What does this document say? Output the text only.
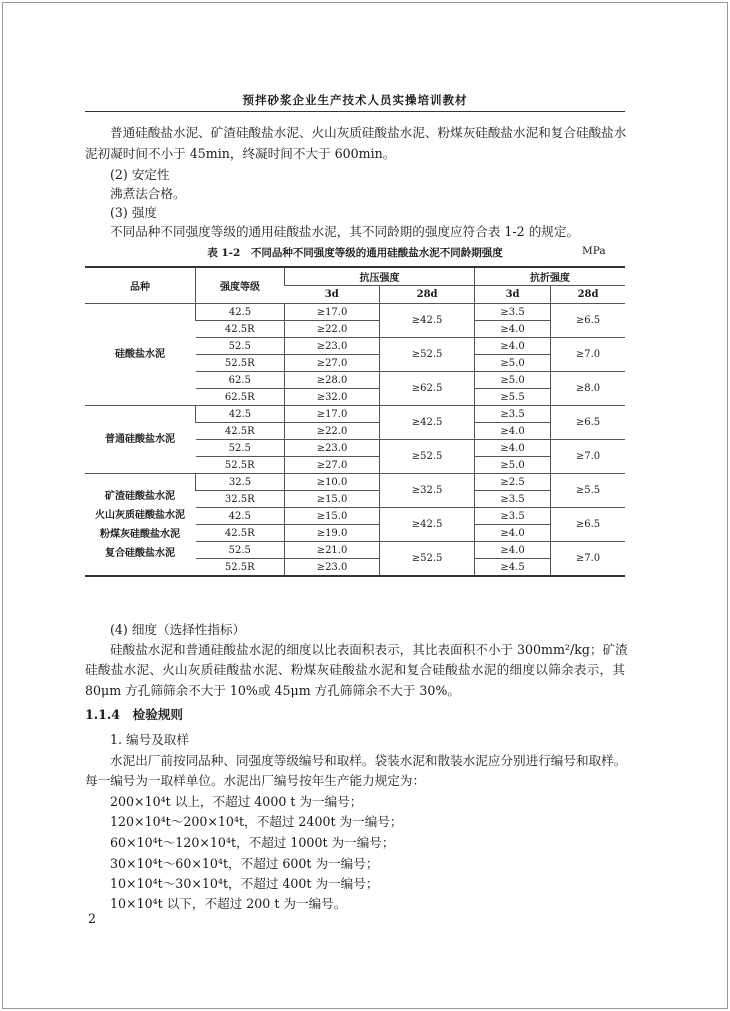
预拌砂浆企业生产技术人员实操培训教材
普通硅酸盐水泥、矿渣硅酸盐水泥、火山灰质硅酸盐水泥、粉煤灰硅酸盐水泥和复合硅酸盐水
泥初凝时间不小于 45min，终凝时间不大于 600min。
(2) 安定性
沸煮法合格。
(3) 强度
不同品种不同强度等级的通用硅酸盐水泥，其不同龄期的强度应符合表 1-2 的规定。
表 1-2　不同品种不同强度等级的通用硅酸盐水泥不同龄期强度	MPa
品种	强度等级	抗压强度		抗折强度	
		3d	28d	3d	28d

硅酸盐水泥	42.5	≥17.0	≥42.5	≥3.5	≥6.5
	42.5R	≥22.0		≥4.0	
	52.5	≥23.0	≥52.5	≥4.0	≥7.0
	52.5R	≥27.0		≥5.0	
	62.5	≥28.0	≥62.5	≥5.0	≥8.0
	62.5R	≥32.0		≥5.5	

普通硅酸盐水泥	42.5	≥17.0	≥42.5	≥3.5	≥6.5
	42.5R	≥22.0		≥4.0	
	52.5	≥23.0	≥52.5	≥4.0	≥7.0
	52.5R	≥27.0		≥5.0	

矿渣硅酸盐水泥
火山灰质硅酸盐水泥
粉煤灰硅酸盐水泥
复合硅酸盐水泥	32.5	≥10.0	≥32.5	≥2.5	≥5.5
	32.5R	≥15.0		≥3.5	
	42.5	≥15.0	≥42.5	≥3.5	≥6.5
	42.5R	≥19.0		≥4.0	
	52.5	≥21.0	≥52.5	≥4.0	≥7.0
	52.5R	≥23.0		≥4.5	
(4) 细度（选择性指标）
硅酸盐水泥和普通硅酸盐水泥的细度以比表面积表示，其比表面积不小于 300mm²/kg；矿渣
硅酸盐水泥、火山灰质硅酸盐水泥、粉煤灰硅酸盐水泥和复合硅酸盐水泥的细度以筛余表示，其
80μm 方孔筛筛余不大于 10%或 45μm 方孔筛筛余不大于 30%。
1.1.4　检验规则
1. 编号及取样
水泥出厂前按同品种、同强度等级编号和取样。袋装水泥和散装水泥应分别进行编号和取样。
每一编号为一取样单位。水泥出厂编号按年生产能力规定为：
200×10⁴t 以上，不超过 4000 t 为一编号；
120×10⁴t～200×10⁴t，不超过 2400t 为一编号；
60×10⁴t～120×10⁴t，不超过 1000t 为一编号；
30×10⁴t～60×10⁴t，不超过 600t 为一编号；
10×10⁴t～30×10⁴t，不超过 400t 为一编号；
10×10⁴t 以下，不超过 200 t 为一编号。
2
